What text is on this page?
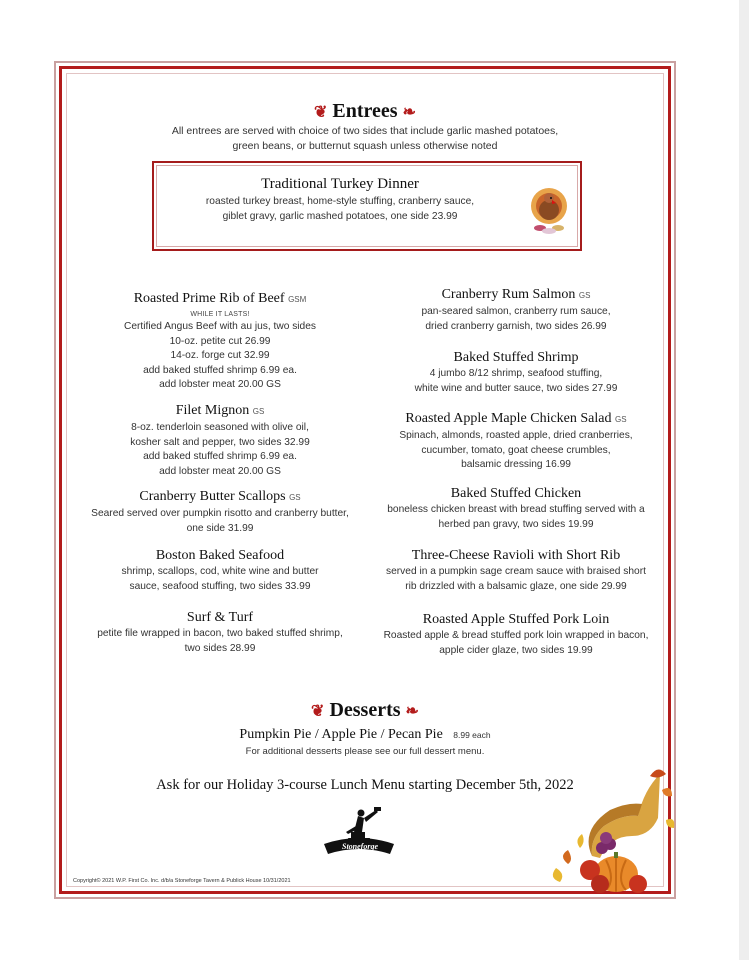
❦ Entrees ❧
All entrees are served with choice of two sides that include garlic mashed potatoes,
green beans, or butternut squash unless otherwise noted
Traditional Turkey Dinner
roasted turkey breast, home-style stuffing, cranberry sauce,
giblet gravy, garlic mashed potatoes, one side 23.99
Roasted Prime Rib of Beef GSM
WHILE IT LASTS!
Certified Angus Beef with au jus, two sides
10-oz. petite cut 26.99
14-oz. forge cut 32.99
add baked stuffed shrimp 6.99 ea.
add lobster meat 20.00 GS
Filet Mignon GS
8-oz. tenderloin seasoned with olive oil,
kosher salt and pepper, two sides 32.99
add baked stuffed shrimp 6.99 ea.
add lobster meat 20.00 GS
Cranberry Butter Scallops GS
Seared served over pumpkin risotto and cranberry butter,
one side 31.99
Boston Baked Seafood
shrimp, scallops, cod, white wine and butter
sauce, seafood stuffing, two sides 33.99
Surf & Turf
petite file wrapped in bacon, two baked stuffed shrimp,
two sides 28.99
Cranberry Rum Salmon GS
pan-seared salmon, cranberry rum sauce,
dried cranberry garnish, two sides 26.99
Baked Stuffed Shrimp
4 jumbo 8/12 shrimp, seafood stuffing,
white wine and butter sauce, two sides 27.99
Roasted Apple Maple Chicken Salad GS
Spinach, almonds, roasted apple, dried cranberries,
cucumber, tomato, goat cheese crumbles,
balsamic dressing 16.99
Baked Stuffed Chicken
boneless chicken breast with bread stuffing served with a
herbed pan gravy, two sides 19.99
Three-Cheese Ravioli with Short Rib
served in a pumpkin sage cream sauce with braised short
rib drizzled with a balsamic glaze, one side 29.99
Roasted Apple Stuffed Pork Loin
Roasted apple & bread stuffed pork loin wrapped in bacon,
apple cider glaze, two sides 19.99
❦ Desserts ❧
Pumpkin Pie / Apple Pie / Pecan Pie 8.99 each
For additional desserts please see our full dessert menu.
Ask for our Holiday 3-course Lunch Menu starting December 5th, 2022
Stoneforge
Copyright© 2021 W.P. First Co. Inc. d/b/a Stoneforge Tavern & Publick House 10/31/2021
